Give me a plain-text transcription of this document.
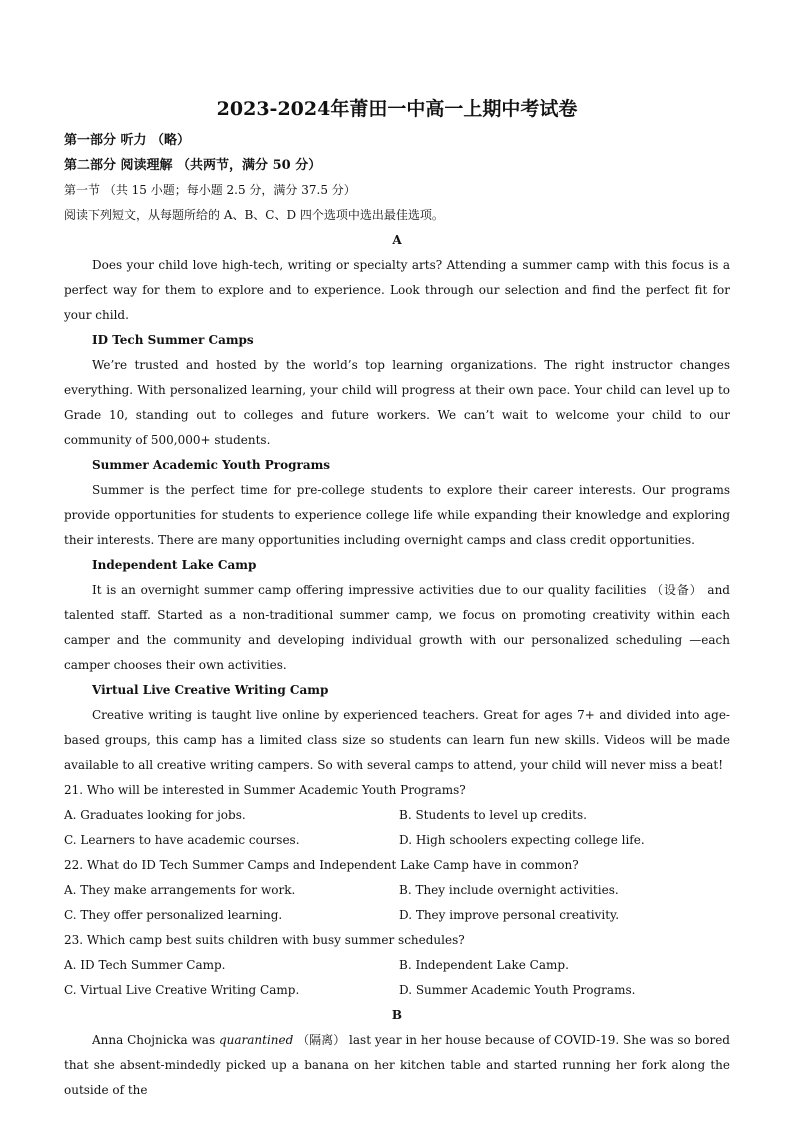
2023-2024年莆田一中高一上期中考试卷
第一部分 听力 （略）
第二部分 阅读理解 （共两节，满分 50 分）
第一节 （共 15 小题；每小题 2.5 分，满分 37.5 分）
阅读下列短文，从每题所给的 A、B、C、D 四个选项中选出最佳选项。
A

Does your child love high-tech, writing or specialty arts? Attending a summer camp with this focus is a perfect way for them to explore and to experience. Look through our selection and find the perfect fit for your child.

ID Tech Summer Camps

We’re trusted and hosted by the world’s top learning organizations. The right instructor changes everything. With personalized learning, your child will progress at their own pace. Your child can level up to Grade 10, standing out to colleges and future workers. We can’t wait to welcome your child to our community of 500,000+ students.

Summer Academic Youth Programs

Summer is the perfect time for pre-college students to explore their career interests. Our programs provide opportunities for students to experience college life while expanding their knowledge and exploring their interests. There are many opportunities including overnight camps and class credit opportunities.

Independent Lake Camp

It is an overnight summer camp offering impressive activities due to our quality facilities （设备） and talented staff. Started as a non-traditional summer camp, we focus on promoting creativity within each camper and the community and developing individual growth with our personalized scheduling —each camper chooses their own activities.

Virtual Live Creative Writing Camp

Creative writing is taught live online by experienced teachers. Great for ages 7+ and divided into age-based groups, this camp has a limited class size so students can learn fun new skills. Videos will be made available to all creative writing campers. So with several camps to attend, your child will never miss a beat!

21. Who will be interested in Summer Academic Youth Programs?
A. Graduates looking for jobs.	B. Students to level up credits.
C. Learners to have academic courses.	D. High schoolers expecting college life.
22. What do ID Tech Summer Camps and Independent Lake Camp have in common?
A. They make arrangements for work.	B. They include overnight activities.
C. They offer personalized learning.	D. They improve personal creativity.
23. Which camp best suits children with busy summer schedules?
A. ID Tech Summer Camp.	B. Independent Lake Camp.
C. Virtual Live Creative Writing Camp.	D. Summer Academic Youth Programs.
B

Anna Chojnicka was quarantined （隔离） last year in her house because of COVID-19. She was so bored that she absent-mindedly picked up a banana on her kitchen table and started running her fork along the outside of the
